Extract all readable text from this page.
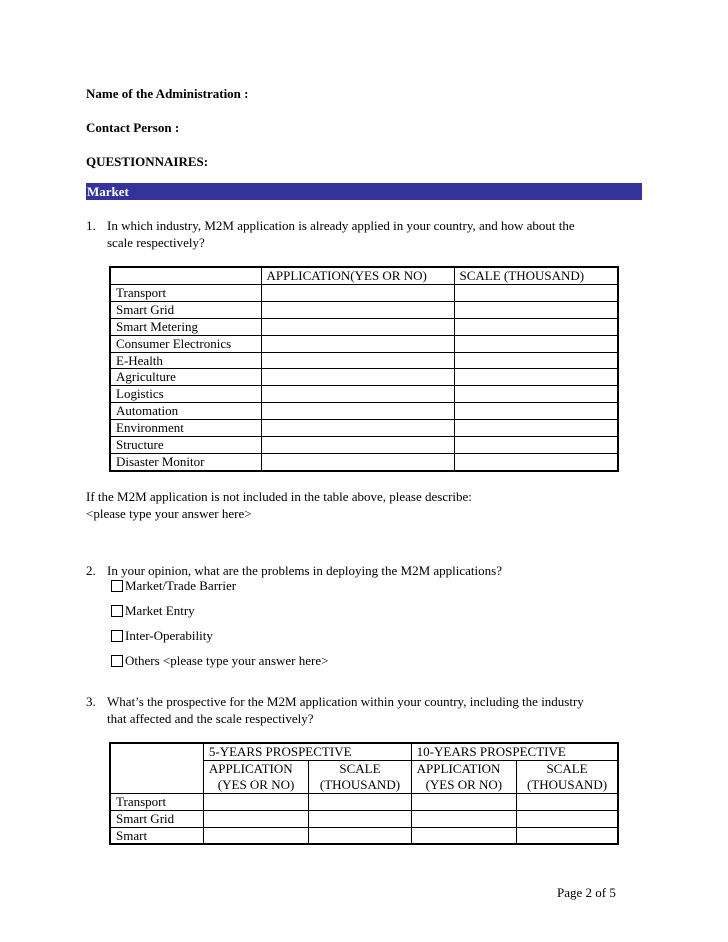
Name of the Administration :
Contact Person :
QUESTIONNAIRES:
Market
1. In which industry, M2M application is already applied in your country, and how about the
scale respectively?
	APPLICATION(YES OR NO)	SCALE (THOUSAND)
Transport		
Smart Grid		
Smart Metering		
Consumer Electronics		
E-Health		
Agriculture		
Logistics		
Automation		
Environment		
Structure		
Disaster Monitor		
If the M2M application is not included in the table above, please describe:
<please type your answer here>
2. In your opinion, what are the problems in deploying the M2M applications?
Market/Trade Barrier
Market Entry
Inter-Operability
Others <please type your answer here>
3. What’s the prospective for the M2M application within your country, including the industry
that affected and the scale respectively?
	5-YEARS PROSPECTIVE		10-YEARS PROSPECTIVE	
	APPLICATION	SCALE	APPLICATION	SCALE
	(YES OR NO)	(THOUSAND)	(YES OR NO)	(THOUSAND)
Transport				
Smart Grid				
Smart				
Page 2 of 5
